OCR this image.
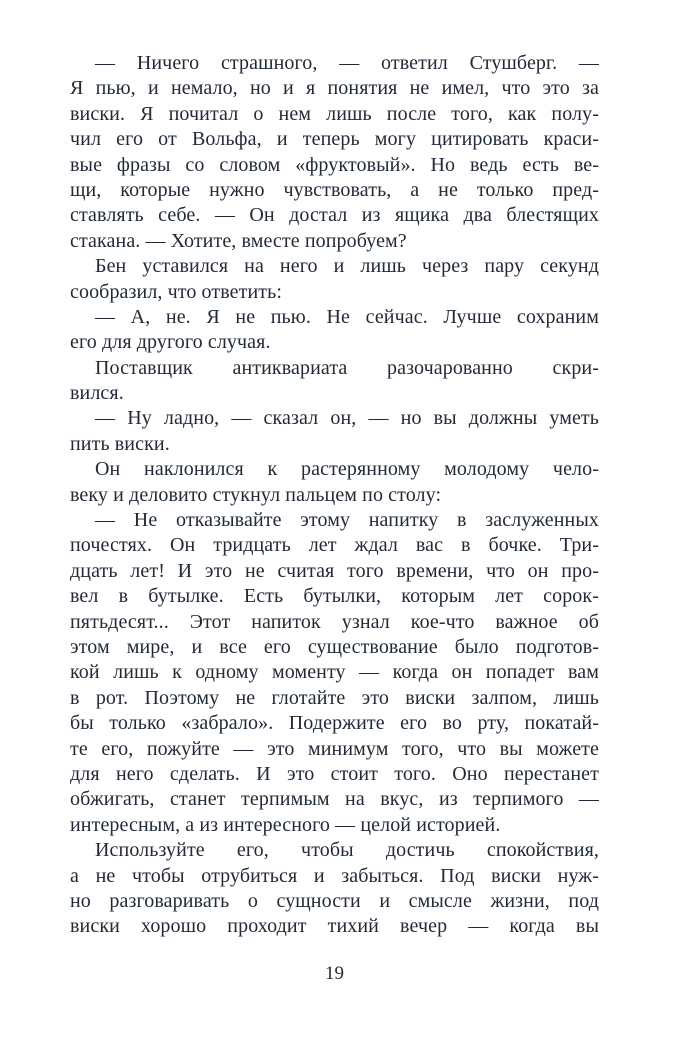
— Ничего страшного, — ответил Стушберг. —
Я пью, и немало, но и я понятия не имел, что это за
виски. Я почитал о нем лишь после того, как полу-
чил его от Вольфа, и теперь могу цитировать краси-
вые фразы со словом «фруктовый». Но ведь есть ве-
щи, которые нужно чувствовать, а не только пред-
ставлять себе. — Он достал из ящика два блестящих
стакана. — Хотите, вместе попробуем?
Бен уставился на него и лишь через пару секунд
сообразил, что ответить:
— А, не. Я не пью. Не сейчас. Лучше сохраним
его для другого случая.
Поставщик антиквариата разочарованно скри-
вился.
— Ну ладно, — сказал он, — но вы должны уметь
пить виски.
Он наклонился к растерянному молодому чело-
веку и деловито стукнул пальцем по столу:
— Не отказывайте этому напитку в заслуженных
почестях. Он тридцать лет ждал вас в бочке. Три-
дцать лет! И это не считая того времени, что он про-
вел в бутылке. Есть бутылки, которым лет сорок-
пятьдесят... Этот напиток узнал кое-что важное об
этом мире, и все его существование было подготов-
кой лишь к одному моменту — когда он попадет вам
в рот. Поэтому не глотайте это виски залпом, лишь
бы только «забрало». Подержите его во рту, покатай-
те его, пожуйте — это минимум того, что вы можете
для него сделать. И это стоит того. Оно перестанет
обжигать, станет терпимым на вкус, из терпимого —
интересным, а из интересного — целой историей.
Используйте его, чтобы достичь спокойствия,
а не чтобы отрубиться и забыться. Под виски нуж-
но разговаривать о сущности и смысле жизни, под
виски хорошо проходит тихий вечер — когда вы
19
